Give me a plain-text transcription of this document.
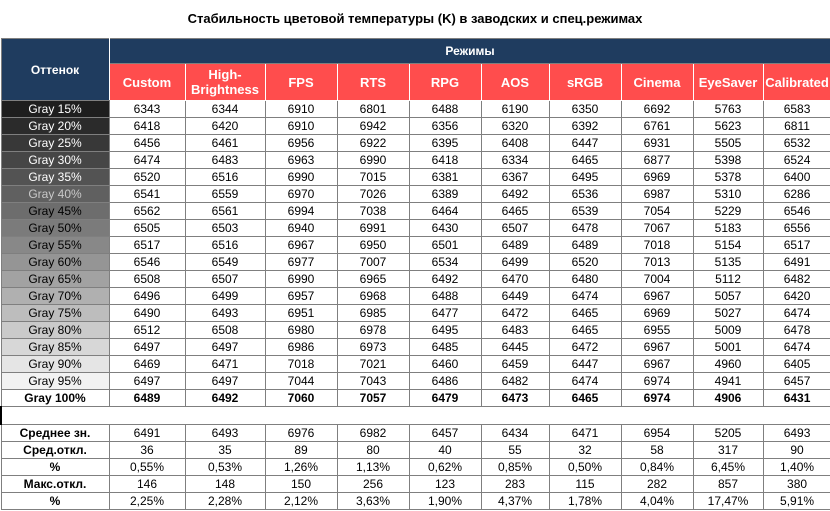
Стабильность цветовой температуры (K) в заводских и спец.режимах
Оттенок	Режимы									
	Custom	High-Brightness	FPS	RTS	RPG	AOS	sRGB	Cinema	EyeSaver	Calibrated
Gray 15%	6343	6344	6910	6801	6488	6190	6350	6692	5763	6583
Gray 20%	6418	6420	6910	6942	6356	6320	6392	6761	5623	6811
Gray 25%	6456	6461	6956	6922	6395	6408	6447	6931	5505	6532
Gray 30%	6474	6483	6963	6990	6418	6334	6465	6877	5398	6524
Gray 35%	6520	6516	6990	7015	6381	6367	6495	6969	5378	6400
Gray 40%	6541	6559	6970	7026	6389	6492	6536	6987	5310	6286
Gray 45%	6562	6561	6994	7038	6464	6465	6539	7054	5229	6546
Gray 50%	6505	6503	6940	6991	6430	6507	6478	7067	5183	6556
Gray 55%	6517	6516	6967	6950	6501	6489	6489	7018	5154	6517
Gray 60%	6546	6549	6977	7007	6534	6499	6520	7013	5135	6491
Gray 65%	6508	6507	6990	6965	6492	6470	6480	7004	5112	6482
Gray 70%	6496	6499	6957	6968	6488	6449	6474	6967	5057	6420
Gray 75%	6490	6493	6951	6985	6477	6472	6465	6969	5027	6474
Gray 80%	6512	6508	6980	6978	6495	6483	6465	6955	5009	6478
Gray 85%	6497	6497	6986	6973	6485	6445	6472	6967	5001	6474
Gray 90%	6469	6471	7018	7021	6460	6459	6447	6967	4960	6405
Gray 95%	6497	6497	7044	7043	6486	6482	6474	6974	4941	6457
Gray 100%	6489	6492	7060	7057	6479	6473	6465	6974	4906	6431

Среднее зн.	6491	6493	6976	6982	6457	6434	6471	6954	5205	6493
Сред.откл.	36	35	89	80	40	55	32	58	317	90
%	0,55%	0,53%	1,26%	1,13%	0,62%	0,85%	0,50%	0,84%	6,45%	1,40%
Макс.откл.	146	148	150	256	123	283	115	282	857	380
%	2,25%	2,28%	2,12%	3,63%	1,90%	4,37%	1,78%	4,04%	17,47%	5,91%
